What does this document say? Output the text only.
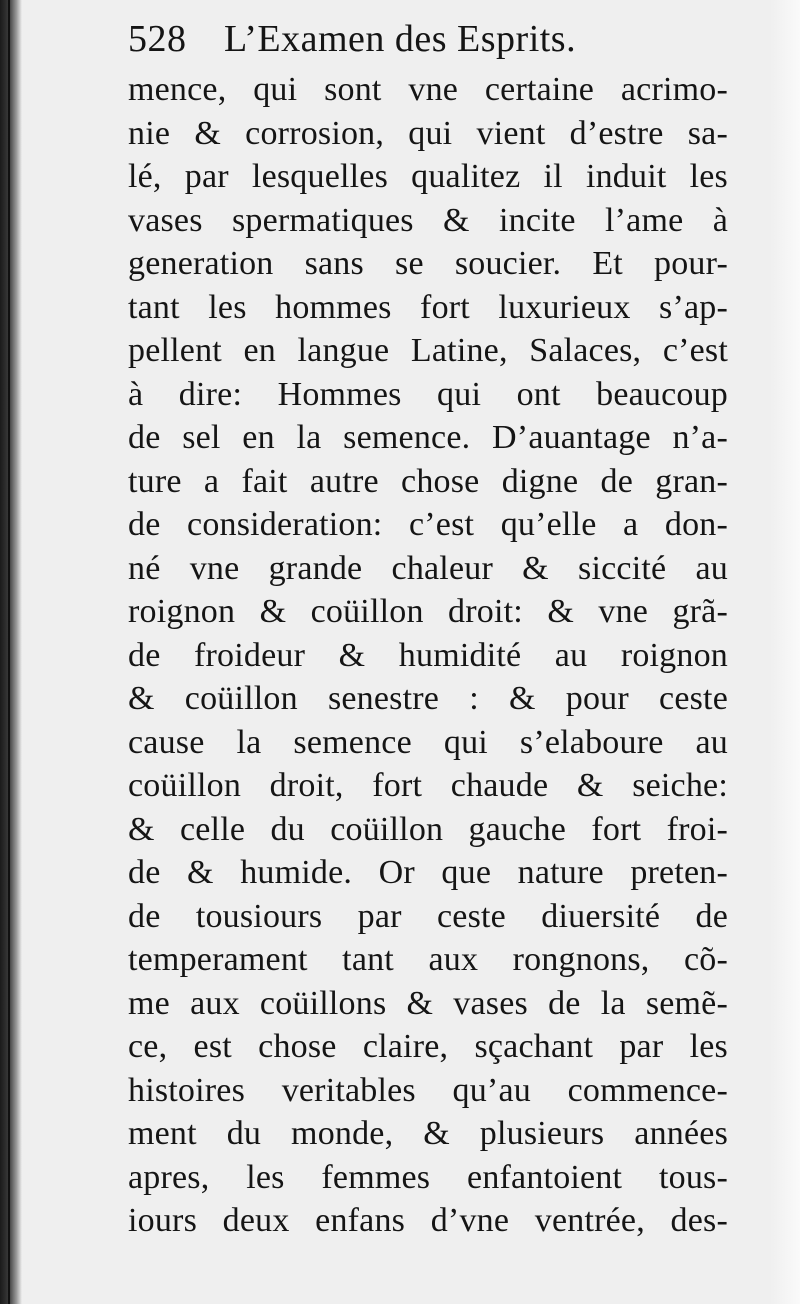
528 L’Examen des Esprits.
mence, qui sont vne certaine acrimo-
nie & corrosion, qui vient d’estre sa-
lé, par lesquelles qualitez il induit les
vases spermatiques & incite l’ame à
generation sans se soucier. Et pour-
tant les hommes fort luxurieux s’ap-
pellent en langue Latine, Salaces, c’est
à dire: Hommes qui ont beaucoup
de sel en la semence. D’auantage n’a-
ture a fait autre chose digne de gran-
de consideration: c’est qu’elle a don-
né vne grande chaleur & siccité au
roignon & coüillon droit: & vne grã-
de froideur & humidité au roignon
& coüillon senestre : & pour ceste
cause la semence qui s’elaboure au
coüillon droit, fort chaude & seiche:
& celle du coüillon gauche fort froi-
de & humide. Or que nature preten-
de tousiours par ceste diuersité de
temperament tant aux rongnons, cõ-
me aux coüillons & vases de la semẽ-
ce, est chose claire, sçachant par les
histoires veritables qu’au commence-
ment du monde, & plusieurs années
apres, les femmes enfantoient tous-
iours deux enfans d’vne ventrée, des-
